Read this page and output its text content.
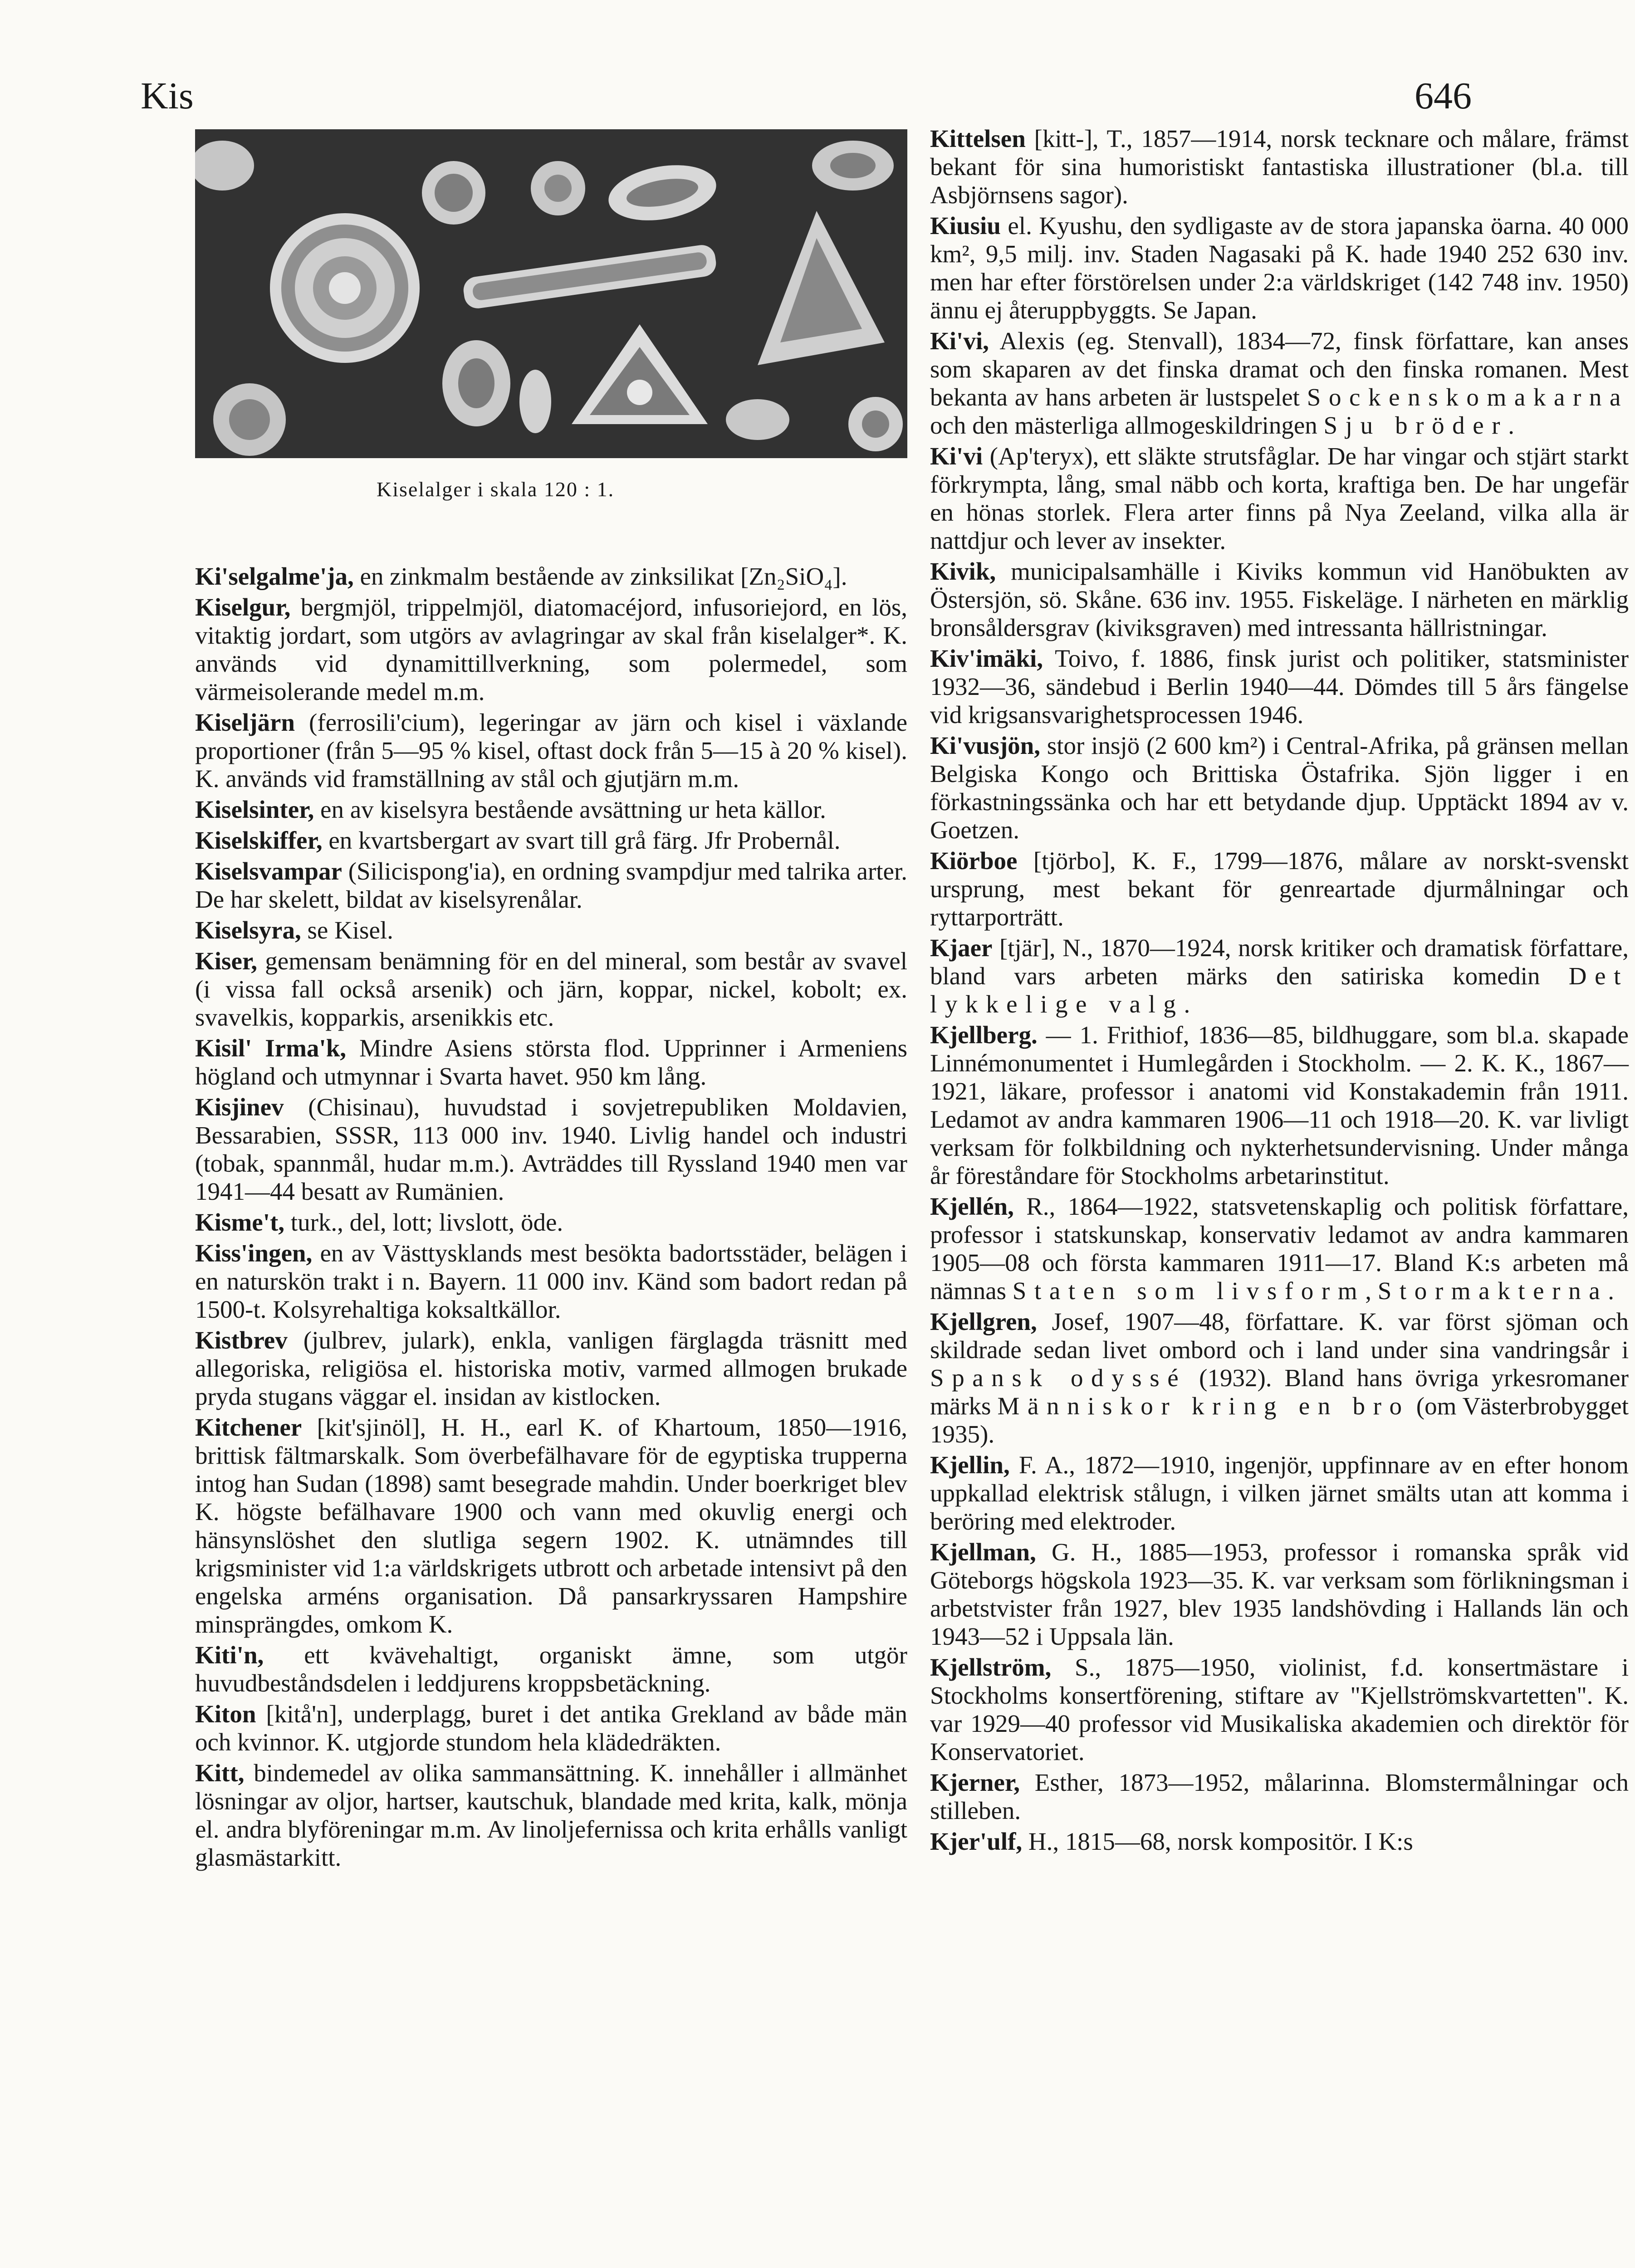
Kis	646
Kiselalger i skala 120 : 1.

Ki'selgalme'ja, en zinkmalm bestående av zinksilikat [Zn₂SiO₄].

Kiselgur, bergmjöl, trippelmjöl, diatomacéjord, infusoriejord, en lös, vitaktig jordart, som utgörs av avlagringar av skal från kiselalger*. K. används vid dynamittillverkning, som polermedel, som värmeisolerande medel m.m.

Kiseljärn (ferrosili'cium), legeringar av järn och kisel i växlande proportioner (från 5—95 % kisel, oftast dock från 5—15 à 20 % kisel). K. används vid framställning av stål och gjutjärn m.m.

Kiselsinter, en av kiselsyra bestående avsättning ur heta källor.

Kiselskiffer, en kvartsbergart av svart till grå färg. Jfr Probernål.

Kiselsvampar (Silicispong'ia), en ordning svampdjur med talrika arter. De har skelett, bildat av kiselsyrenålar.

Kiselsyra, se Kisel.

Kiser, gemensam benämning för en del mineral, som består av svavel (i vissa fall också arsenik) och järn, koppar, nickel, kobolt; ex. svavelkis, kopparkis, arsenikkis etc.

Kisil' Irma'k, Mindre Asiens största flod. Upprinner i Armeniens högland och utmynnar i Svarta havet. 950 km lång.

Kisjinev (Chisinau), huvudstad i sovjetrepubliken Moldavien, Bessarabien, SSSR, 113 000 inv. 1940. Livlig handel och industri (tobak, spannmål, hudar m.m.). Avträddes till Ryssland 1940 men var 1941—44 besatt av Rumänien.

Kisme't, turk., del, lott; livslott, öde.

Kiss'ingen, en av Västtysklands mest besökta badortsstäder, belägen i en naturskön trakt i n. Bayern. 11 000 inv. Känd som badort redan på 1500-t. Kolsyrehaltiga koksaltkällor.

Kistbrev (julbrev, julark), enkla, vanligen färglagda träsnitt med allegoriska, religiösa el. historiska motiv, varmed allmogen brukade pryda stugans väggar el. insidan av kistlocken.

Kitchener [kit'sjinöl], H. H., earl K. of Khartoum, 1850—1916, brittisk fältmarskalk. Som överbefälhavare för de egyptiska trupperna intog han Sudan (1898) samt besegrade mahdin. Under boerkriget blev K. högste befälhavare 1900 och vann med okuvlig energi och hänsynslöshet den slutliga segern 1902. K. utnämndes till krigsminister vid 1:a världskrigets utbrott och arbetade intensivt på den engelska arméns organisation. Då pansarkryssaren Hampshire minsprängdes, omkom K.

Kiti'n, ett kvävehaltigt, organiskt ämne, som utgör huvudbeståndsdelen i leddjurens kroppsbetäckning.

Kiton [kitå'n], underplagg, buret i det antika Grekland av både män och kvinnor. K. utgjorde stundom hela klädedräkten.

Kitt, bindemedel av olika sammansättning. K. innehåller i allmänhet lösningar av oljor, hartser, kautschuk, blandade med krita, kalk, mönja el. andra blyföreningar m.m. Av linoljefernissa och krita erhålls vanligt glasmästarkitt.

Kittelsen [kitt-], T., 1857—1914, norsk tecknare och målare, främst bekant för sina humoristiskt fantastiska illustrationer (bl.a. till Asbjörnsens sagor).

Kiusiu el. Kyushu, den sydligaste av de stora japanska öarna. 40 000 km², 9,5 milj. inv. Staden Nagasaki på K. hade 1940 252 630 inv. men har efter förstörelsen under 2:a världskriget (142 748 inv. 1950) ännu ej återuppbyggts. Se Japan.

Ki'vi, Alexis (eg. Stenvall), 1834—72, finsk författare, kan anses som skaparen av det finska dramat och den finska romanen. Mest bekanta av hans arbeten är lustspelet Sockenskomakarna och den mästerliga allmogeskildringen Sju bröder.

Ki'vi (Ap'teryx), ett släkte strutsfåglar. De har vingar och stjärt starkt förkrympta, lång, smal näbb och korta, kraftiga ben. De har ungefär en hönas storlek. Flera arter finns på Nya Zeeland, vilka alla är nattdjur och lever av insekter.

Kivik, municipalsamhälle i Kiviks kommun vid Hanöbukten av Östersjön, sö. Skåne. 636 inv. 1955. Fiskeläge. I närheten en märklig bronsåldersgrav (kiviksgraven) med intressanta hällristningar.

Kiv'imäki, Toivo, f. 1886, finsk jurist och politiker, statsminister 1932—36, sändebud i Berlin 1940—44. Dömdes till 5 års fängelse vid krigsansvarighetsprocessen 1946.

Ki'vusjön, stor insjö (2 600 km²) i Central-Afrika, på gränsen mellan Belgiska Kongo och Brittiska Östafrika. Sjön ligger i en förkastningssänka och har ett betydande djup. Upptäckt 1894 av v. Goetzen.

Kiörboe [tjörbo], K. F., 1799—1876, målare av norskt-svenskt ursprung, mest bekant för genreartade djurmålningar och ryttarporträtt.

Kjaer [tjär], N., 1870—1924, norsk kritiker och dramatisk författare, bland vars arbeten märks den satiriska komedin Det lykkelige valg.

Kjellberg. — 1. Frithiof, 1836—85, bildhuggare, som bl.a. skapade Linnémonumentet i Humlegården i Stockholm. — 2. K. K., 1867—1921, läkare, professor i anatomi vid Konstakademin från 1911. Ledamot av andra kammaren 1906—11 och 1918—20. K. var livligt verksam för folkbildning och nykterhetsundervisning. Under många år föreståndare för Stockholms arbetarinstitut.

Kjellén, R., 1864—1922, statsvetenskaplig och politisk författare, professor i statskunskap, konservativ ledamot av andra kammaren 1905—08 och första kammaren 1911—17. Bland K:s arbeten må nämnas Staten som livsform, Stormakterna.

Kjellgren, Josef, 1907—48, författare. K. var först sjöman och skildrade sedan livet ombord och i land under sina vandringsår i Spansk odyssé (1932). Bland hans övriga yrkesromaner märks Människor kring en bro (om Västerbrobygget 1935).

Kjellin, F. A., 1872—1910, ingenjör, uppfinnare av en efter honom uppkallad elektrisk stålugn, i vilken järnet smälts utan att komma i beröring med elektroder.

Kjellman, G. H., 1885—1953, professor i romanska språk vid Göteborgs högskola 1923—35. K. var verksam som förlikningsman i arbetstvister från 1927, blev 1935 landshövding i Hallands län och 1943—52 i Uppsala län.

Kjellström, S., 1875—1950, violinist, f.d. konsertmästare i Stockholms konsertförening, stiftare av "Kjellströmskvartetten". K. var 1929—40 professor vid Musikaliska akademien och direktör för Konservatoriet.

Kjerner, Esther, 1873—1952, målarinna. Blomstermålningar och stilleben.

Kjer'ulf, H., 1815—68, norsk kompositör. I K:s
